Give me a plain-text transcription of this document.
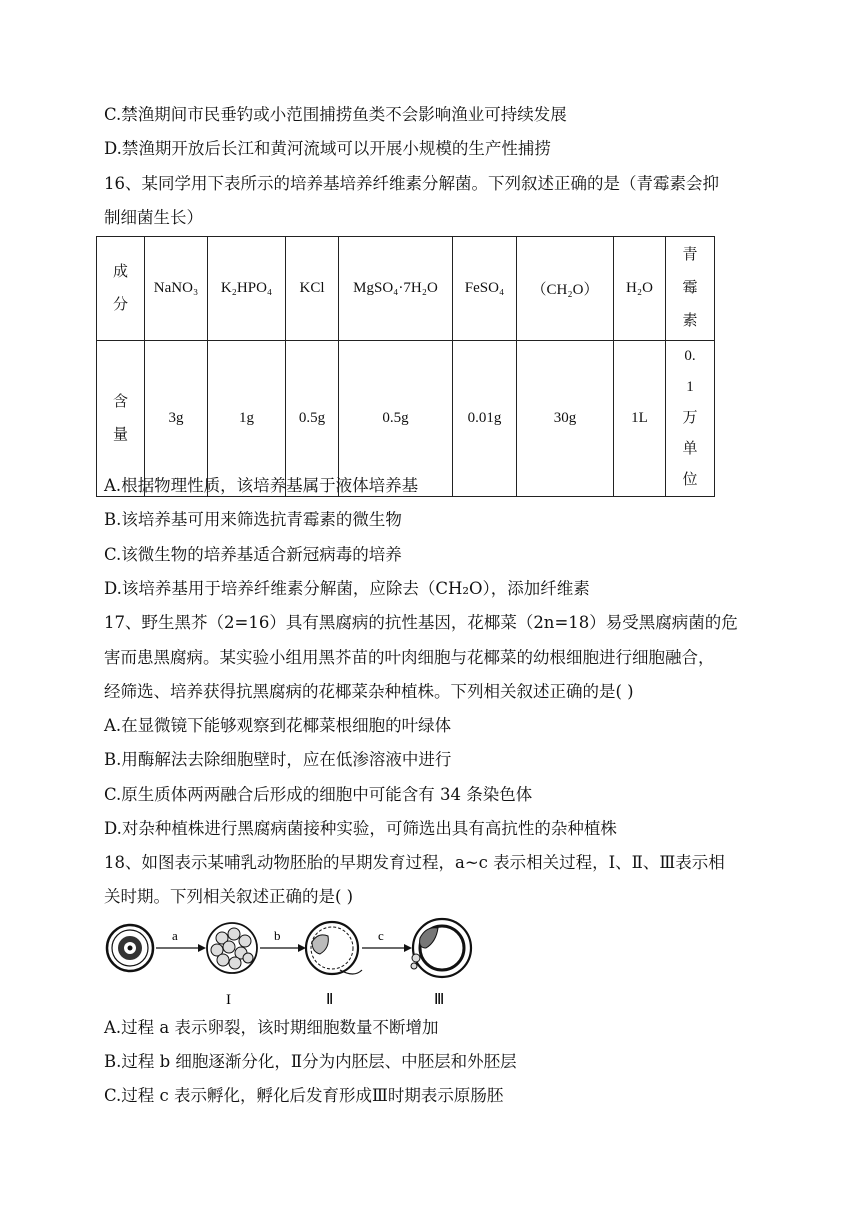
C.禁渔期间市民垂钓或小范围捕捞鱼类不会影响渔业可持续发展
D.禁渔期开放后长江和黄河流域可以开展小规模的生产性捕捞
16、某同学用下表所示的培养基培养纤维素分解菌。下列叙述正确的是（青霉素会抑
制细菌生长）
成分	NaNO₃	K₂HPO₄	KCl	MgSO₄·7H₂O	FeSO₄	（CH₂O）	H₂O	青霉素
含量	3g	1g	0.5g	0.5g	0.01g	30g	1L	0.1万单位
A.根据物理性质，该培养基属于液体培养基
B.该培养基可用来筛选抗青霉素的微生物
C.该微生物的培养基适合新冠病毒的培养
D.该培养基用于培养纤维素分解菌，应除去（CH₂O），添加纤维素
17、野生黑芥（2=16）具有黑腐病的抗性基因，花椰菜（2n=18）易受黑腐病菌的危
害而患黑腐病。某实验小组用黑芥苗的叶肉细胞与花椰菜的幼根细胞进行细胞融合，
经筛选、培养获得抗黑腐病的花椰菜杂种植株。下列相关叙述正确的是( )
A.在显微镜下能够观察到花椰菜根细胞的叶绿体
B.用酶解法去除细胞壁时，应在低渗溶液中进行
C.原生质体两两融合后形成的细胞中可能含有 34 条染色体
D.对杂种植株进行黑腐病菌接种实验，可筛选出具有高抗性的杂种植株
18、如图表示某哺乳动物胚胎的早期发育过程，a~c 表示相关过程，I、Ⅱ、Ⅲ表示相
关时期。下列相关叙述正确的是( )
a
I
b
Ⅱ
c
Ⅲ
A.过程 a 表示卵裂，该时期细胞数量不断增加
B.过程 b 细胞逐渐分化，Ⅱ分为内胚层、中胚层和外胚层
C.过程 c 表示孵化，孵化后发育形成Ⅲ时期表示原肠胚
